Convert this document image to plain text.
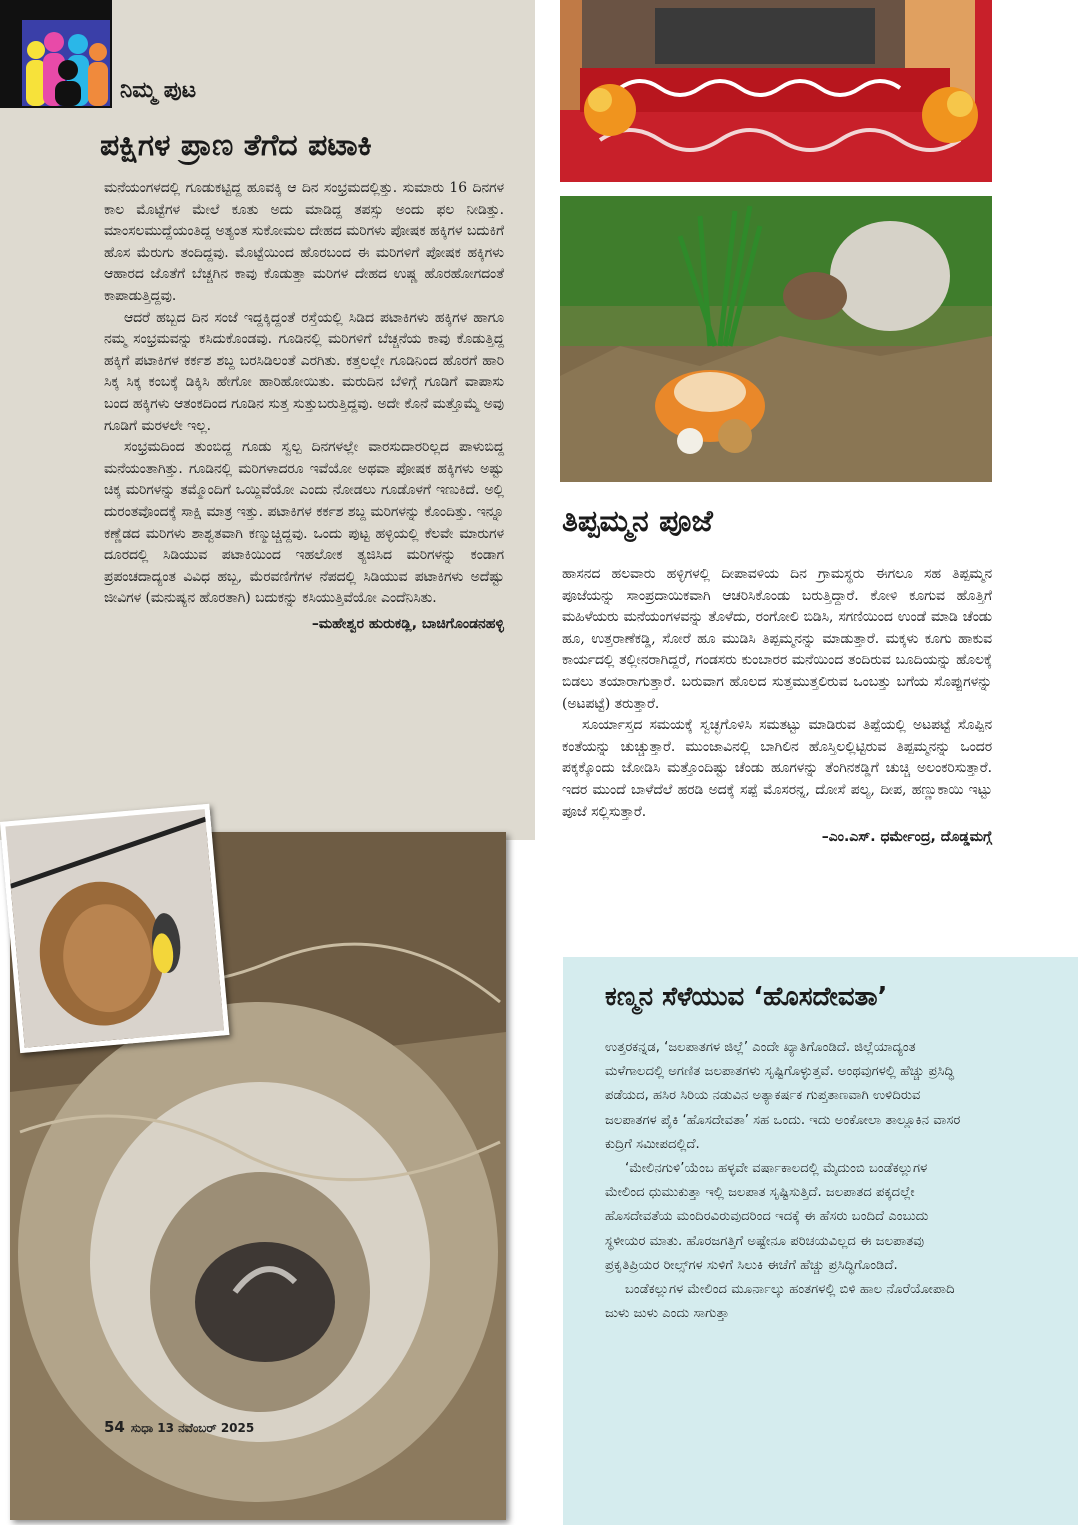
ನಿಮ್ಮ ಪುಟ
ಪಕ್ಷಿಗಳ ಪ್ರಾಣ ತೆಗೆದ ಪಟಾಕಿ

ಮನೆಯಂಗಳದಲ್ಲಿ ಗೂಡುಕಟ್ಟಿದ್ದ ಹೂವಕ್ಕಿ ಆ ದಿನ ಸಂಭ್ರಮದಲ್ಲಿತ್ತು. ಸುಮಾರು 16 ದಿನಗಳ ಕಾಲ ಮೊಟ್ಟೆಗಳ ಮೇಲೆ ಕೂತು ಅದು ಮಾಡಿದ್ದ ತಪಸ್ಸು ಅಂದು ಫಲ ನೀಡಿತ್ತು. ಮಾಂಸಲಮುದ್ದೆಯಂತಿದ್ದ ಅತ್ಯಂತ ಸುಕೋಮಲ ದೇಹದ ಮರಿಗಳು ಪೋಷಕ ಹಕ್ಕಿಗಳ ಬದುಕಿಗೆ ಹೊಸ ಮೆರುಗು ತಂದಿದ್ದವು. ಮೊಟ್ಟೆಯಿಂದ ಹೊರಬಂದ ಈ ಮರಿಗಳಿಗೆ ಪೋಷಕ ಹಕ್ಕಿಗಳು ಆಹಾರದ ಜೊತೆಗೆ ಬೆಚ್ಚಗಿನ ಕಾವು ಕೊಡುತ್ತಾ ಮರಿಗಳ ದೇಹದ ಉಷ್ಣ ಹೊರಹೋಗದಂತೆ ಕಾಪಾಡುತ್ತಿದ್ದವು.

ಆದರೆ ಹಬ್ಬದ ದಿನ ಸಂಜೆ ಇದ್ದಕ್ಕಿದ್ದಂತೆ ರಸ್ತೆಯಲ್ಲಿ ಸಿಡಿದ ಪಟಾಕಿಗಳು ಹಕ್ಕಿಗಳ ಹಾಗೂ ನಮ್ಮ ಸಂಭ್ರಮವನ್ನು ಕಸಿದುಕೊಂಡವು. ಗೂಡಿನಲ್ಲಿ ಮರಿಗಳಿಗೆ ಬೆಚ್ಚನೆಯ ಕಾವು ಕೊಡುತ್ತಿದ್ದ ಹಕ್ಕಿಗೆ ಪಟಾಕಿಗಳ ಕರ್ಕಶ ಶಬ್ದ ಬರಸಿಡಿಲಂತೆ ಎರಗಿತು. ಕತ್ತಲಲ್ಲೇ ಗೂಡಿನಿಂದ ಹೊರಗೆ ಹಾರಿ ಸಿಕ್ಕ ಸಿಕ್ಕ ಕಂಬಕ್ಕೆ ಡಿಕ್ಕಿಸಿ ಹೇಗೋ ಹಾರಿಹೋಯಿತು. ಮರುದಿನ ಬೆಳಿಗ್ಗೆ ಗೂಡಿಗೆ ವಾಪಾಸು ಬಂದ ಹಕ್ಕಿಗಳು ಆತಂಕದಿಂದ ಗೂಡಿನ ಸುತ್ತ ಸುತ್ತುಬರುತ್ತಿದ್ದವು. ಅದೇ ಕೊನೆ ಮತ್ತೊಮ್ಮೆ ಅವು ಗೂಡಿಗೆ ಮರಳಲೇ ಇಲ್ಲ.

ಸಂಭ್ರಮದಿಂದ ತುಂಬಿದ್ದ ಗೂಡು ಸ್ವಲ್ಪ ದಿನಗಳಲ್ಲೇ ವಾರಸುದಾರರಿಲ್ಲದ ಪಾಳುಬಿದ್ದ ಮನೆಯಂತಾಗಿತ್ತು. ಗೂಡಿನಲ್ಲಿ ಮರಿಗಳಾದರೂ ಇವೆಯೋ ಅಥವಾ ಪೋಷಕ ಹಕ್ಕಿಗಳು ಅಷ್ಟು ಚಿಕ್ಕ ಮರಿಗಳನ್ನು ತಮ್ಮೊಂದಿಗೆ ಒಯ್ದಿವೆಯೋ ಎಂದು ನೋಡಲು ಗೂಡೊಳಗೆ ಇಣುಕಿದೆ. ಅಲ್ಲಿ ದುರಂತವೊಂದಕ್ಕೆ ಸಾಕ್ಷಿ ಮಾತ್ರ ಇತ್ತು. ಪಟಾಕಿಗಳ ಕರ್ಕಶ ಶಬ್ದ ಮರಿಗಳನ್ನು ಕೊಂದಿತ್ತು. ಇನ್ನೂ ಕಣ್ಣೆಡದ ಮರಿಗಳು ಶಾಶ್ವತವಾಗಿ ಕಣ್ಮುಚ್ಚಿದ್ದವು. ಒಂದು ಪುಟ್ಟ ಹಳ್ಳಿಯಲ್ಲಿ ಕೆಲವೇ ಮಾರುಗಳ ದೂರದಲ್ಲಿ ಸಿಡಿಯುವ ಪಟಾಕಿಯಿಂದ ಇಹಲೋಕ ತ್ಯಜಿಸಿದ ಮರಿಗಳನ್ನು ಕಂಡಾಗ ಪ್ರಪಂಚದಾದ್ಯಂತ ವಿವಿಧ ಹಬ್ಬ, ಮೆರವಣಿಗೆಗಳ ನೆಪದಲ್ಲಿ ಸಿಡಿಯುವ ಪಟಾಕಿಗಳು ಅದೆಷ್ಟು ಜೀವಿಗಳ (ಮನುಷ್ಯನ ಹೊರತಾಗಿ) ಬದುಕನ್ನು ಕಸಿಯುತ್ತಿವೆಯೋ ಎಂದೆನಿಸಿತು.

–ಮಹೇಶ್ವರ ಹುರುಕಡ್ಲಿ, ಬಾಚಿಗೊಂಡನಹಳ್ಳಿ
ತಿಪ್ಪಮ್ಮನ ಪೂಜೆ

ಹಾಸನದ ಹಲವಾರು ಹಳ್ಳಿಗಳಲ್ಲಿ ದೀಪಾವಳಿಯ ದಿನ ಗ್ರಾಮಸ್ಥರು ಈಗಲೂ ಸಹ ತಿಪ್ಪಮ್ಮನ ಪೂಜೆಯನ್ನು ಸಾಂಪ್ರದಾಯಿಕವಾಗಿ ಆಚರಿಸಿಕೊಂಡು ಬರುತ್ತಿದ್ದಾರೆ. ಕೋಳಿ ಕೂಗುವ ಹೊತ್ತಿಗೆ ಮಹಿಳೆಯರು ಮನೆಯಂಗಳವನ್ನು ತೊಳೆದು, ರಂಗೋಲಿ ಬಿಡಿಸಿ, ಸಗಣಿಯಿಂದ ಉಂಡೆ ಮಾಡಿ ಚೆಂಡು ಹೂ, ಉತ್ತರಾಣೆಕಡ್ಡಿ, ಸೋರೆ ಹೂ ಮುಡಿಸಿ ತಿಪ್ಪಮ್ಮನನ್ನು ಮಾಡುತ್ತಾರೆ. ಮಕ್ಕಳು ಕೂಗು ಹಾಕುವ ಕಾರ್ಯದಲ್ಲಿ ತಲ್ಲೀನರಾಗಿದ್ದರೆ, ಗಂಡಸರು ಕುಂಬಾರರ ಮನೆಯಿಂದ ತಂದಿರುವ ಬೂದಿಯನ್ನು ಹೊಲಕ್ಕೆ ಬಿಡಲು ತಯಾರಾಗುತ್ತಾರೆ. ಬರುವಾಗ ಹೊಲದ ಸುತ್ತಮುತ್ತಲಿರುವ ಒಂಬತ್ತು ಬಗೆಯ ಸೊಪ್ಪುಗಳನ್ನು (ಅಟಪಟ್ಟೆ) ತರುತ್ತಾರೆ.

ಸೂರ್ಯಾಸ್ತದ ಸಮಯಕ್ಕೆ ಸ್ವಚ್ಛಗೊಳಿಸಿ ಸಮತಟ್ಟು ಮಾಡಿರುವ ತಿಪ್ಪೆಯಲ್ಲಿ ಅಟಪಟ್ಟೆ ಸೊಪ್ಪಿನ ಕಂತೆಯನ್ನು ಚುಚ್ಚುತ್ತಾರೆ. ಮುಂಜಾವಿನಲ್ಲಿ ಬಾಗಿಲಿನ ಹೊಸ್ತಿಲಲ್ಲಿಟ್ಟಿರುವ ತಿಪ್ಪಮ್ಮನನ್ನು ಒಂದರ ಪಕ್ಕಕ್ಕೊಂದು ಜೋಡಿಸಿ ಮತ್ತೊಂದಿಷ್ಟು ಚೆಂಡು ಹೂಗಳನ್ನು ತೆಂಗಿನಕಡ್ಡಿಗೆ ಚುಚ್ಚಿ ಅಲಂಕರಿಸುತ್ತಾರೆ. ಇದರ ಮುಂದೆ ಬಾಳೆದೆಲೆ ಹರಡಿ ಅದಕ್ಕೆ ಸಪ್ಪೆ ಮೊಸರನ್ನ, ದೋಸೆ ಪಲ್ಯ, ದೀಪ, ಹಣ್ಣುಕಾಯಿ ಇಟ್ಟು ಪೂಜೆ ಸಲ್ಲಿಸುತ್ತಾರೆ.

–ಎಂ.ಎಸ್‌. ಧರ್ಮೇಂದ್ರ, ದೊಡ್ಡಮಗ್ಗೆ
ಕಣ್ಮನ ಸೆಳೆಯುವ ‘ಹೊಸದೇವತಾ’

ಉತ್ತರಕನ್ನಡ, ‘ಜಲಪಾತಗಳ ಜಿಲ್ಲೆ’ ಎಂದೇ ಖ್ಯಾತಿಗೊಂಡಿದೆ. ಜಿಲ್ಲೆಯಾದ್ಯಂತ ಮಳೆಗಾಲದಲ್ಲಿ ಅಗಣಿತ ಜಲಪಾತಗಳು ಸೃಷ್ಟಿಗೊಳ್ಳುತ್ತವೆ. ಅಂಥವುಗಳಲ್ಲಿ ಹೆಚ್ಚು ಪ್ರಸಿದ್ಧಿ ಪಡೆಯದ, ಹಸಿರ ಸಿರಿಯ ನಡುವಿನ ಅತ್ಯಾಕರ್ಷಕ ಗುಪ್ತತಾಣವಾಗಿ ಉಳಿದಿರುವ ಜಲಪಾತಗಳ ಪೈಕಿ ‘ಹೊಸದೇವತಾ’ ಸಹ ಒಂದು. ಇದು ಅಂಕೋಲಾ ತಾಲ್ಲೂಕಿನ ವಾಸರ ಕುದ್ರಿಗೆ ಸಮೀಪದಲ್ಲಿದೆ.

‘ಮೇಲಿನಗುಳಿ’ಯೆಂಬ ಹಳ್ಳವೇ ವರ್ಷಾಕಾಲದಲ್ಲಿ ಮೈದುಂಬಿ ಬಂಡೆಕಲ್ಲುಗಳ ಮೇಲಿಂದ ಧುಮುಕುತ್ತಾ ಇಲ್ಲಿ ಜಲಪಾತ ಸೃಷ್ಟಿಸುತ್ತಿದೆ. ಜಲಪಾತದ ಪಕ್ಕದಲ್ಲೇ ಹೊಸದೇವತೆಯ ಮಂದಿರವಿರುವುದರಿಂದ ಇದಕ್ಕೆ ಈ ಹೆಸರು ಬಂದಿದೆ ಎಂಬುದು ಸ್ಥಳೀಯರ ಮಾತು. ಹೊರಜಗತ್ತಿಗೆ ಅಷ್ಟೇನೂ ಪರಿಚಯವಿಲ್ಲದ ಈ ಜಲಪಾತವು ಪ್ರಕೃತಿಪ್ರಿಯರ ರೀಲ್ಸ್‌ಗಳ ಸುಳಿಗೆ ಸಿಲುಕಿ ಈಚೆಗೆ ಹೆಚ್ಚು ಪ್ರಸಿದ್ಧಿಗೊಂಡಿದೆ.

ಬಂಡೆಕಲ್ಲುಗಳ ಮೇಲಿಂದ ಮೂರ್ನಾಲ್ಕು ಹಂತಗಳಲ್ಲಿ ಬಿಳಿ ಹಾಲ ನೊರೆಯೋಪಾದಿ ಜುಳು ಜುಳು ಎಂದು ಸಾಗುತ್ತಾ

54 ಸುಧಾ 13 ನವೆಂಬರ್ 2025
